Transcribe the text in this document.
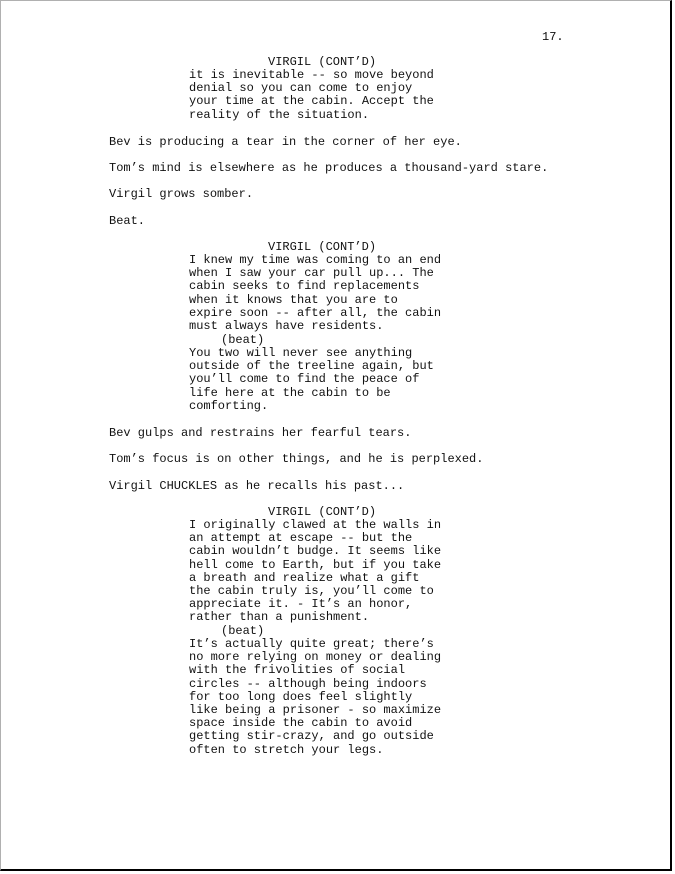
17.

VIRGIL (CONT’D)

it is inevitable -- so move beyond
denial so you can come to enjoy
your time at the cabin. Accept the
reality of the situation.

Bev is producing a tear in the corner of her eye.

Tom’s mind is elsewhere as he produces a thousand-yard stare.

Virgil grows somber.

Beat.

VIRGIL (CONT’D)

I knew my time was coming to an end
when I saw your car pull up... The
cabin seeks to find replacements
when it knows that you are to
expire soon -- after all, the cabin
must always have residents.

(beat)

You two will never see anything
outside of the treeline again, but
you’ll come to find the peace of
life here at the cabin to be
comforting.

Bev gulps and restrains her fearful tears.

Tom’s focus is on other things, and he is perplexed.

Virgil CHUCKLES as he recalls his past...

VIRGIL (CONT’D)

I originally clawed at the walls in
an attempt at escape -- but the
cabin wouldn’t budge. It seems like
hell come to Earth, but if you take
a breath and realize what a gift
the cabin truly is, you’ll come to
appreciate it. - It’s an honor,
rather than a punishment.

(beat)

It’s actually quite great; there’s
no more relying on money or dealing
with the frivolities of social
circles -- although being indoors
for too long does feel slightly
like being a prisoner - so maximize
space inside the cabin to avoid
getting stir-crazy, and go outside
often to stretch your legs.
